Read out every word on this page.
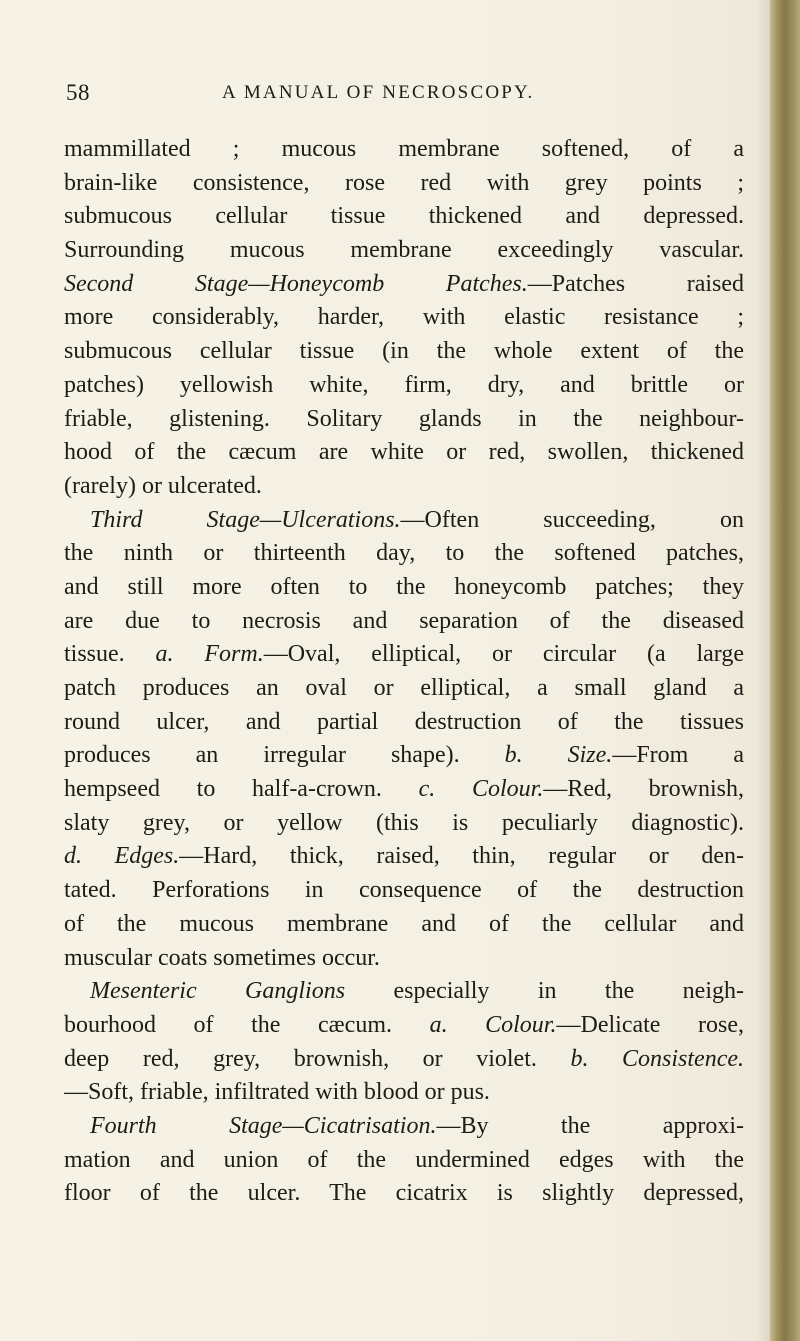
58	A MANUAL OF NECROSCOPY.
mammillated ; mucous membrane softened, of a
brain-like consistence, rose red with grey points ;
submucous cellular tissue thickened and depressed.
Surrounding mucous membrane exceedingly vascular.
Second Stage—Honeycomb Patches.—Patches raised
more considerably, harder, with elastic resistance ;
submucous cellular tissue (in the whole extent of the
patches) yellowish white, firm, dry, and brittle or
friable, glistening. Solitary glands in the neighbour-
hood of the cæcum are white or red, swollen, thickened
(rarely) or ulcerated.
Third Stage—Ulcerations.—Often succeeding, on
the ninth or thirteenth day, to the softened patches,
and still more often to the honeycomb patches; they
are due to necrosis and separation of the diseased
tissue. a. Form.—Oval, elliptical, or circular (a large
patch produces an oval or elliptical, a small gland a
round ulcer, and partial destruction of the tissues
produces an irregular shape). b. Size.—From a
hempseed to half-a-crown. c. Colour.—Red, brownish,
slaty grey, or yellow (this is peculiarly diagnostic).
d. Edges.—Hard, thick, raised, thin, regular or den-
tated. Perforations in consequence of the destruction
of the mucous membrane and of the cellular and
muscular coats sometimes occur.
Mesenteric Ganglions especially in the neigh-
bourhood of the cæcum. a. Colour.—Delicate rose,
deep red, grey, brownish, or violet. b. Consistence.
—Soft, friable, infiltrated with blood or pus.
Fourth Stage—Cicatrisation.—By the approxi-
mation and union of the undermined edges with the
floor of the ulcer. The cicatrix is slightly depressed,
